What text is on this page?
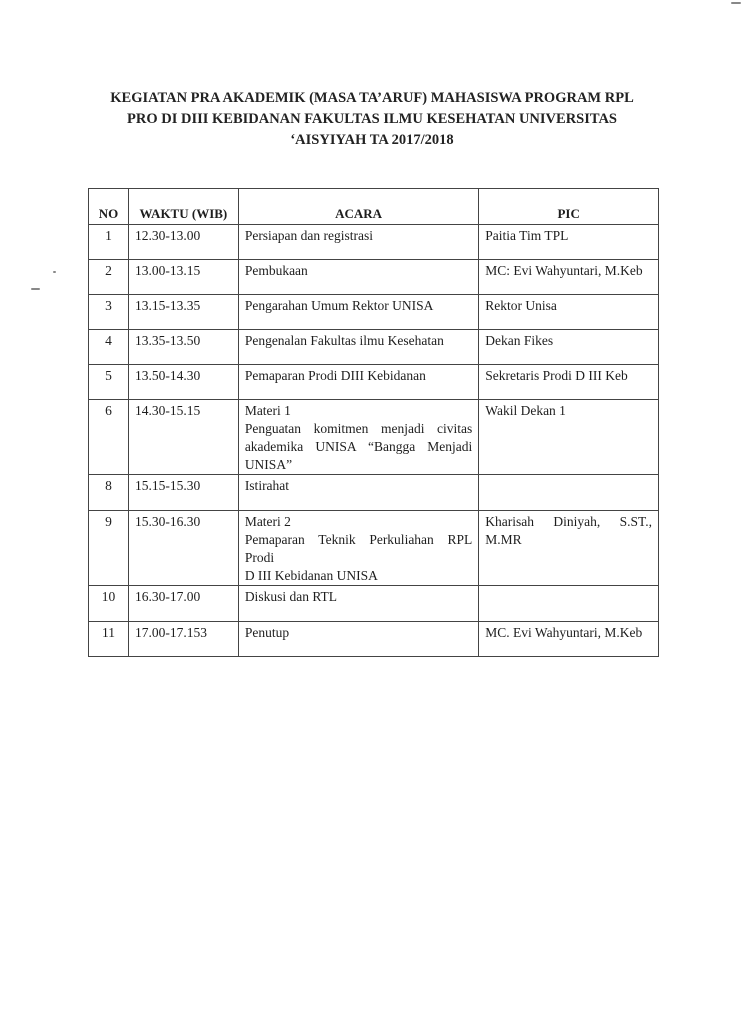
KEGIATAN PRA AKADEMIK (MASA TA’ARUF) MAHASISWA PROGRAM RPL
PRO DI DIII KEBIDANAN FAKULTAS ILMU KESEHATAN UNIVERSITAS
‘AISYIYAH TA 2017/2018
NO	WAKTU (WIB)	ACARA	PIC
1	12.30-13.00	Persiapan dan registrasi	Paitia Tim TPL

2	13.00-13.15	Pembukaan	MC: Evi Wahyuntari, M.Keb

3	13.15-13.35	Pengarahan Umum Rektor UNISA	Rektor Unisa

4	13.35-13.50	Pengenalan Fakultas ilmu Kesehatan	Dekan Fikes

5	13.50-14.30	Pemaparan Prodi DIII Kebidanan	Sekretaris Prodi D III Keb

6	14.30-15.15	Materi 1
Penguatan komitmen menjadi civitas
akademika UNISA “Bangga Menjadi
UNISA”	Wakil Dekan 1

8	15.15-15.30	Istirahat	

9	15.30-16.30	Materi 2
Pemaparan Teknik Perkuliahan RPL Prodi
D III Kebidanan UNISA	Kharisah Diniyah, S.ST.,
M.MR

10	16.30-17.00	Diskusi dan RTL	

11	17.00-17.153	Penutup	MC. Evi Wahyuntari, M.Keb
